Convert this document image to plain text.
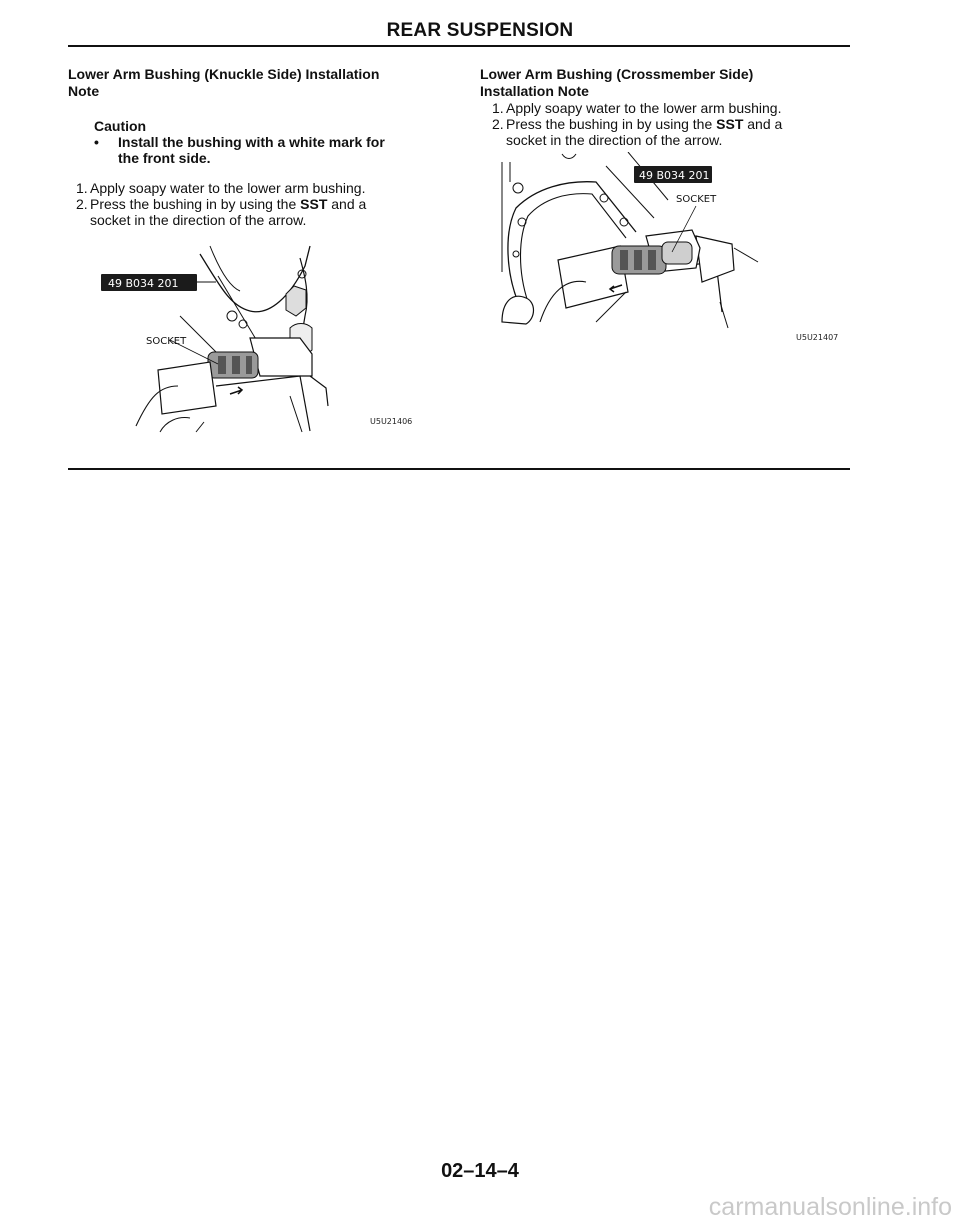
REAR SUSPENSION
Lower Arm Bushing (Knuckle Side) Installation
Note
Caution
• Install the bushing with a white mark for
the front side.
1. Apply soapy water to the lower arm bushing.
2. Press the bushing in by using the SST and a
socket in the direction of the arrow.
49 B034 201
SOCKET
U5U21406
Lower Arm Bushing (Crossmember Side)
Installation Note
1. Apply soapy water to the lower arm bushing.
2. Press the bushing in by using the SST and a
socket in the direction of the arrow.
49 B034 201
SOCKET
U5U21407
02–14–4
carmanualsonline.info
